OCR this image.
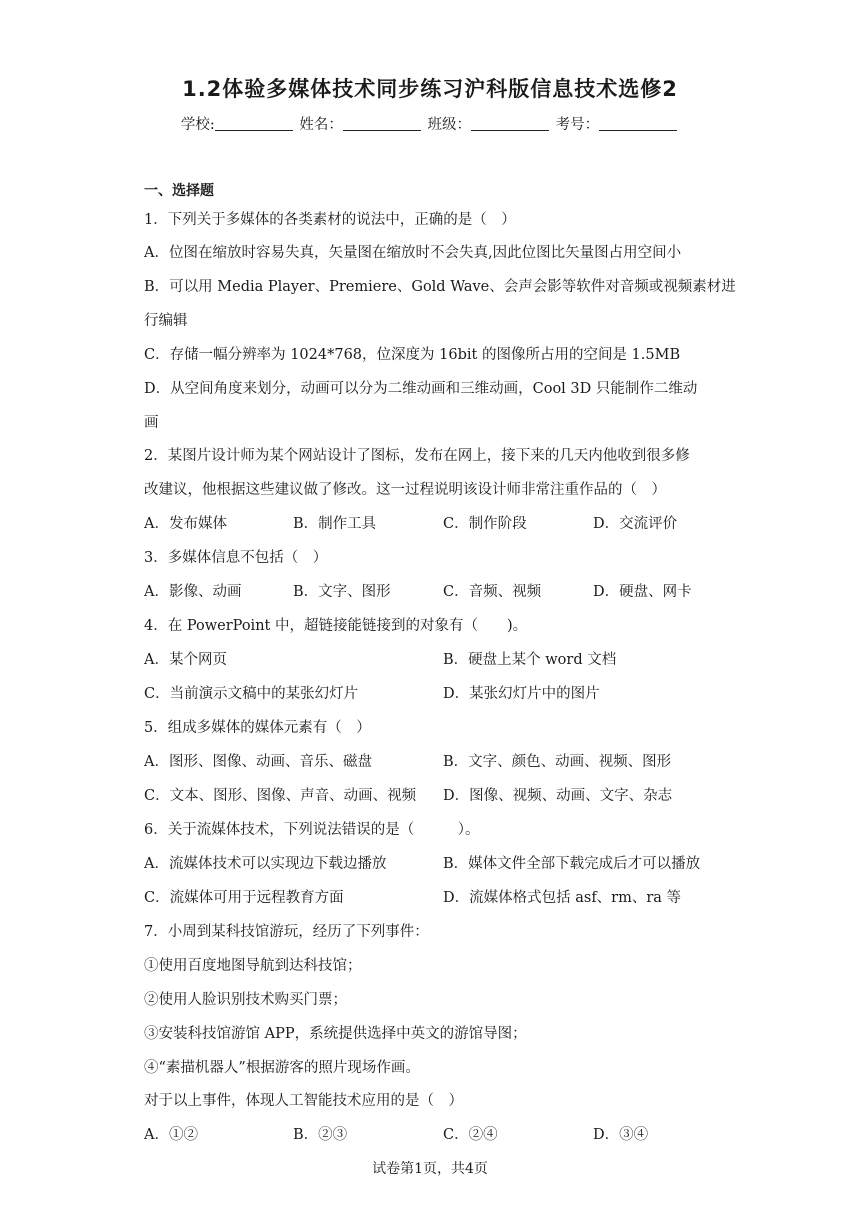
1.2体验多媒体技术同步练习沪科版信息技术选修2
学校:	姓名：	班级：	考号：
一、选择题
1．下列关于多媒体的各类素材的说法中，正确的是（　）
A．位图在缩放时容易失真，矢量图在缩放时不会失真,因此位图比矢量图占用空间小
B．可以用 Media Player、Premiere、Gold Wave、会声会影等软件对音频或视频素材进
行编辑
C．存储一幅分辨率为 1024*768，位深度为 16bit 的图像所占用的空间是 1.5MB
D．从空间角度来划分，动画可以分为二维动画和三维动画，Cool 3D 只能制作二维动
画
2．某图片设计师为某个网站设计了图标，发布在网上，接下来的几天内他收到很多修
改建议，他根据这些建议做了修改。这一过程说明该设计师非常注重作品的（　）
A．发布媒体	B．制作工具	C．制作阶段	D．交流评价
3．多媒体信息不包括（　）
A．影像、动画	B．文字、图形	C．音频、视频	D．硬盘、网卡
4．在 PowerPoint 中，超链接能链接到的对象有（　　)。
A．某个网页	B．硬盘上某个 word 文档
C．当前演示文稿中的某张幻灯片	D．某张幻灯片中的图片
5．组成多媒体的媒体元素有（　）
A．图形、图像、动画、音乐、磁盘	B．文字、颜色、动画、视频、图形
C．文本、图形、图像、声音、动画、视频 D．图像、视频、动画、文字、杂志
6．关于流媒体技术，下列说法错误的是（　　　）。
A．流媒体技术可以实现边下载边播放	B．媒体文件全部下载完成后才可以播放
C．流媒体可用于远程教育方面	D．流媒体格式包括 asf、rm、ra 等
7．小周到某科技馆游玩，经历了下列事件：
①使用百度地图导航到达科技馆；
②使用人脸识别技术购买门票；
③安装科技馆游馆 APP，系统提供选择中英文的游馆导图；
④“素描机器人”根据游客的照片现场作画。
对于以上事件，体现人工智能技术应用的是（　）
A．①②	B．②③	C．②④	D．③④
试卷第1页，共4页
